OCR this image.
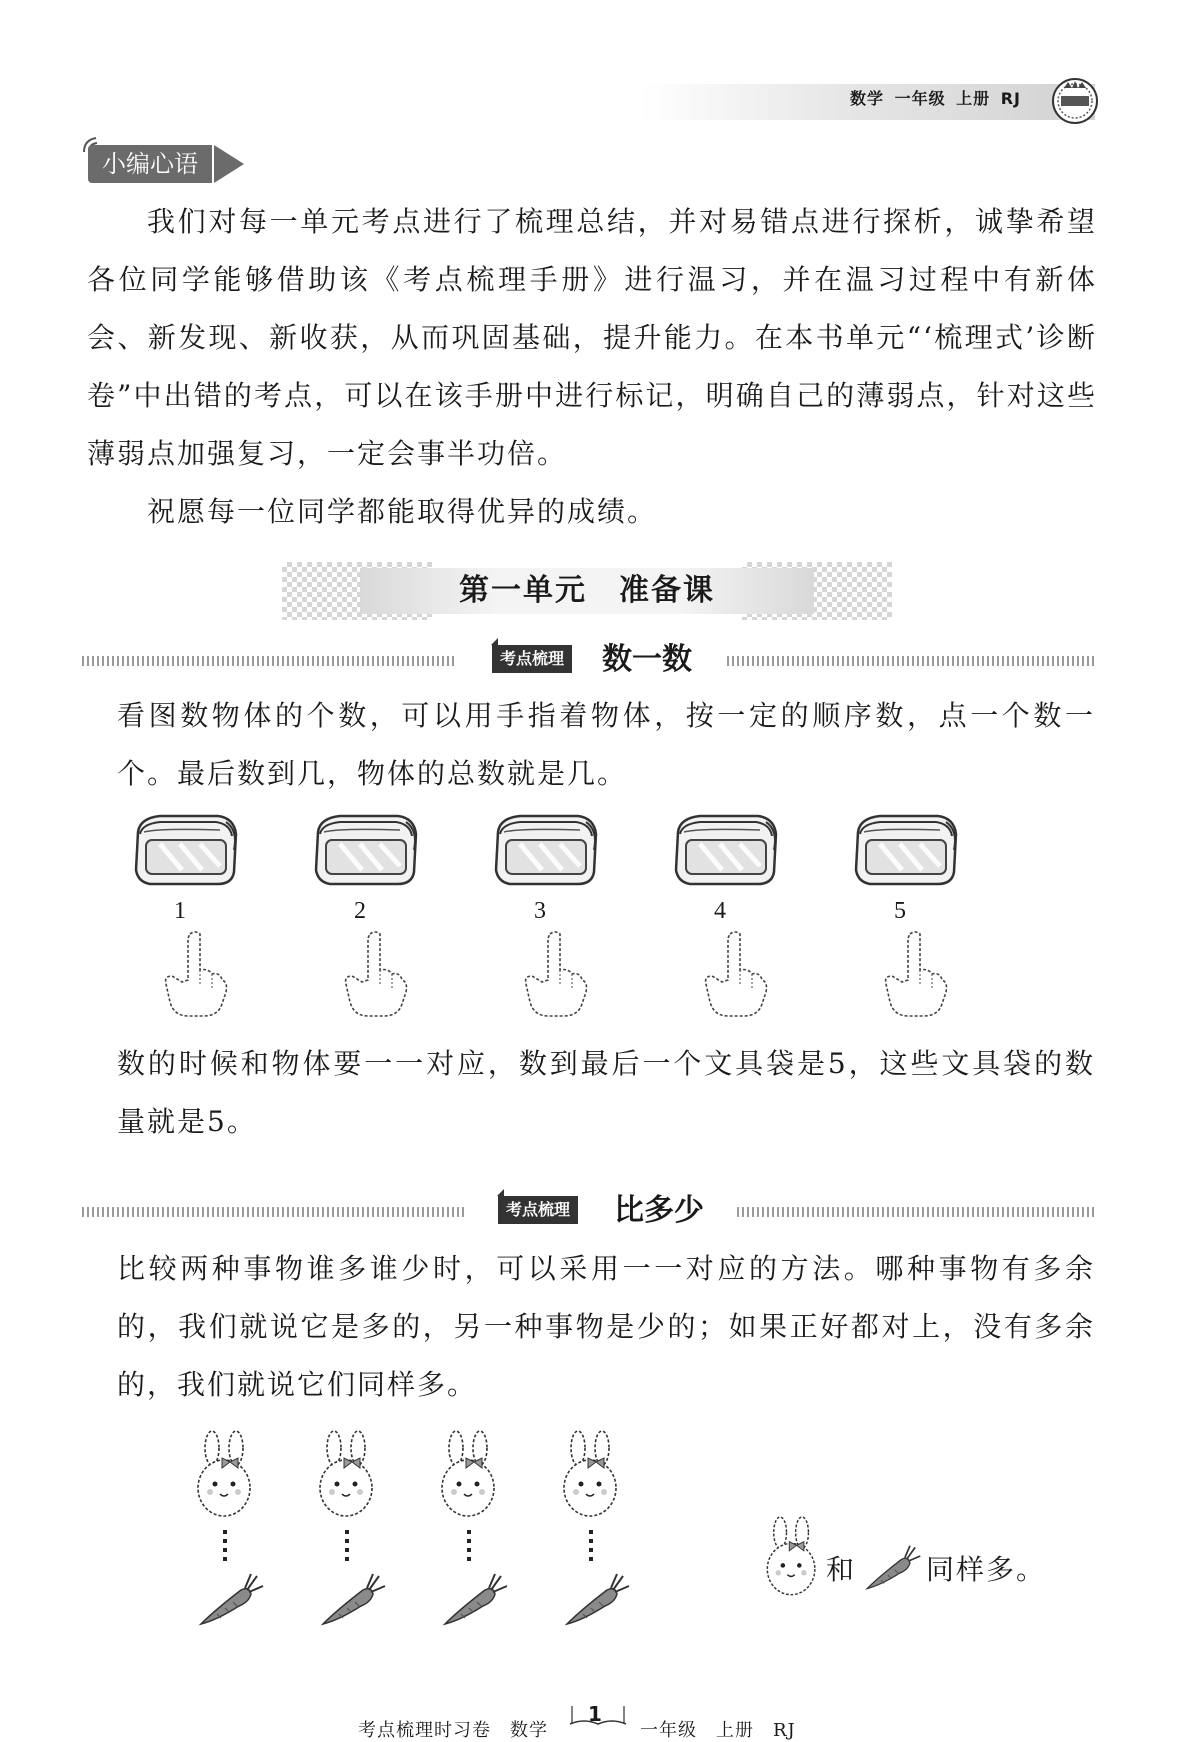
数学 一年级 上册 RJ
小编心语

我们对每一单元考点进行了梳理总结，并对易错点进行探析，诚挚希望各位同学能够借助该《考点梳理手册》进行温习，并在温习过程中有新体会、新发现、新收获，从而巩固基础，提升能力。在本书单元“‘梳理式’诊断卷”中出错的考点，可以在该手册中进行标记，明确自己的薄弱点，针对这些薄弱点加强复习，一定会事半功倍。

祝愿每一位同学都能取得优异的成绩。

第一单元　准备课
考点梳理 数一数

看图数物体的个数，可以用手指着物体，按一定的顺序数，点一个数一个。最后数到几，物体的总数就是几。

1	2	3	4	5

数的时候和物体要一一对应，数到最后一个文具袋是5，这些文具袋的数量就是5。

考点梳理 比多少

比较两种事物谁多谁少时，可以采用一一对应的方法。哪种事物有多余的，我们就说它是多的，另一种事物是少的；如果正好都对上，没有多余的，我们就说它们同样多。

和 同样多。
考点梳理时习卷　数学
1
一年级　上册　RJ
